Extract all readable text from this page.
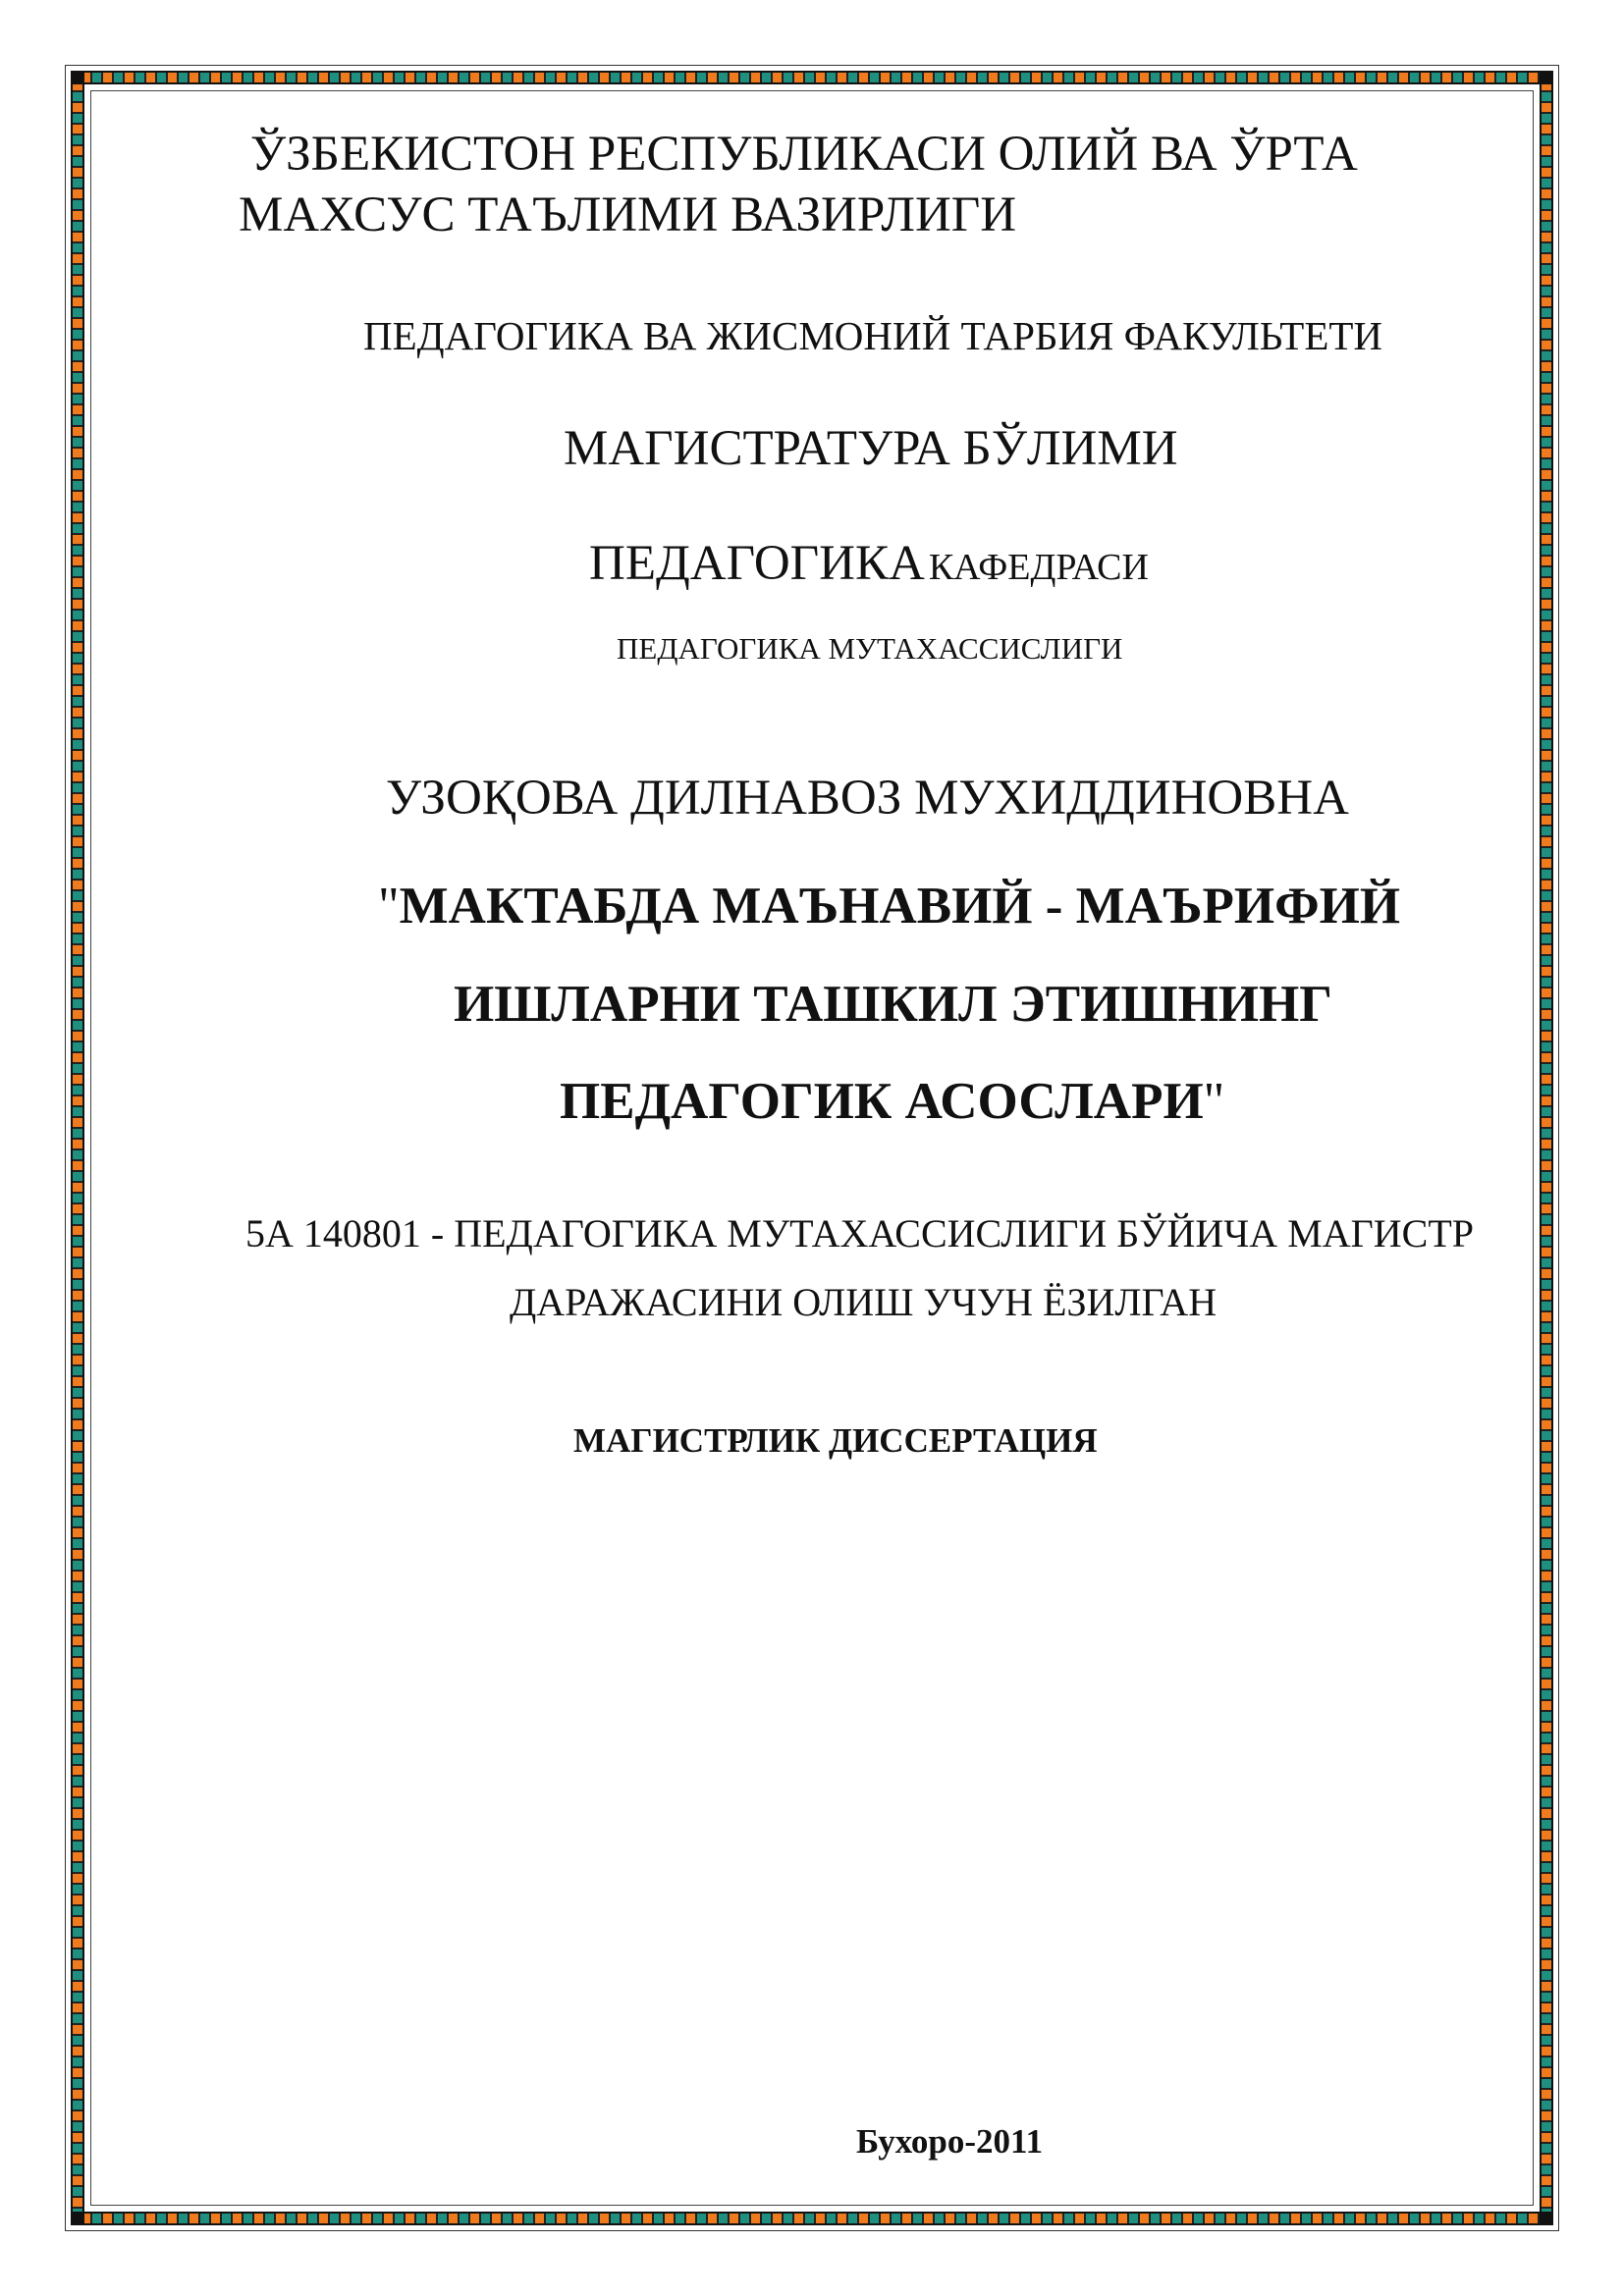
ЎЗБЕКИСТОН РЕСПУБЛИКАСИ ОЛИЙ ВА ЎРТА
МАХСУС ТАЪЛИМИ ВАЗИРЛИГИ
ПЕДАГОГИКА ВА ЖИСМОНИЙ ТАРБИЯ ФАКУЛЬТЕТИ
МАГИСТРАТУРА БЎЛИМИ
ПЕДАГОГИКА КАФЕДРАСИ
ПЕДАГОГИКА МУТАХАССИСЛИГИ
УЗОҚОВА ДИЛНАВОЗ МУХИДДИНОВНА
"МАКТАБДА МАЪНАВИЙ - МАЪРИФИЙ
ИШЛАРНИ ТАШКИЛ ЭТИШНИНГ
ПЕДАГОГИК АСОСЛАРИ"
5А 140801 - ПЕДАГОГИКА МУТАХАССИСЛИГИ БЎЙИЧА МАГИСТР
ДАРАЖАСИНИ ОЛИШ УЧУН ЁЗИЛГАН
МАГИСТРЛИК ДИССЕРТАЦИЯ
Бухоро-2011
